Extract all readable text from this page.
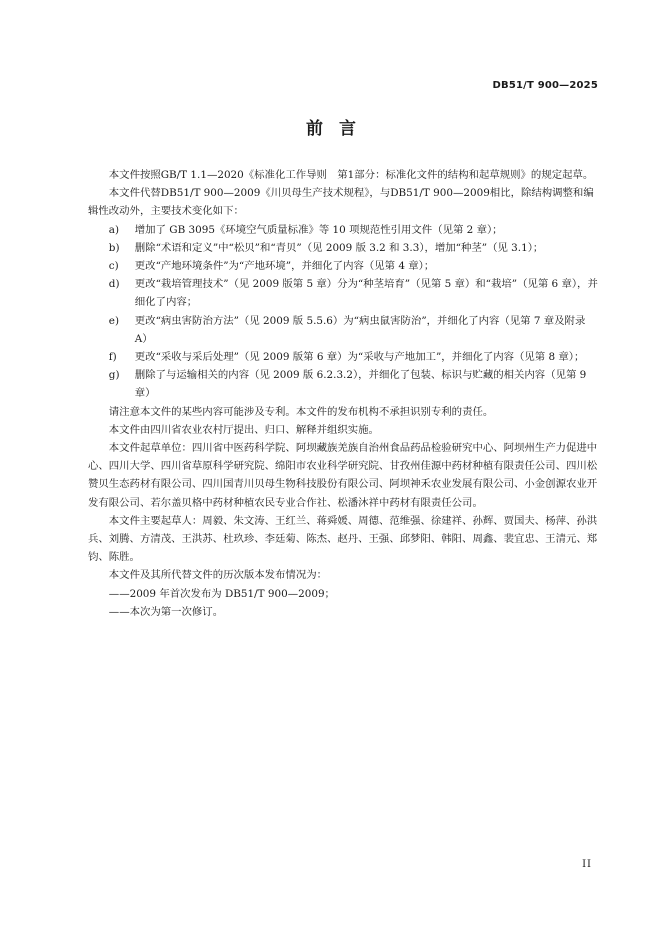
DB51/T 900—2025
前言

本文件按照GB/T 1.1—2020《标准化工作导则　第1部分：标准化文件的结构和起草规则》的规定起草。

本文件代替DB51/T 900—2009《川贝母生产技术规程》，与DB51/T 900—2009相比，除结构调整和编辑性改动外，主要技术变化如下：

a)	增加了 GB 3095《环境空气质量标准》等 10 项规范性引用文件（见第 2 章）；
b)	删除“术语和定义”中“松贝”和“青贝”（见 2009 版 3.2 和 3.3），增加“种茎”（见 3.1）；
c)	更改“产地环境条件”为“产地环境”，并细化了内容（见第 4 章）；
d)	更改“栽培管理技术”（见 2009 版第 5 章）分为“种茎培育”（见第 5 章）和“栽培”（见第 6 章），并细化了内容；
e)	更改“病虫害防治方法”（见 2009 版 5.5.6）为“病虫鼠害防治”，并细化了内容（见第 7 章及附录 A）
f)	更改“采收与采后处理”（见 2009 版第 6 章）为“采收与产地加工”，并细化了内容（见第 8 章）；
g)	删除了与运输相关的内容（见 2009 版 6.2.3.2），并细化了包装、标识与贮藏的相关内容（见第 9 章）

请注意本文件的某些内容可能涉及专利。本文件的发布机构不承担识别专利的责任。

本文件由四川省农业农村厅提出、归口、解释并组织实施。

本文件起草单位：四川省中医药科学院、阿坝藏族羌族自治州食品药品检验研究中心、阿坝州生产力促进中心、四川大学、四川省草原科学研究院、绵阳市农业科学研究院、甘孜州佳源中药材种植有限责任公司、四川松赞贝生态药材有限公司、四川国青川贝母生物科技股份有限公司、阿坝神禾农业发展有限公司、小金创源农业开发有限公司、若尔盖贝格中药材种植农民专业合作社、松潘沐祥中药材有限责任公司。

本文件主要起草人：周毅、朱文涛、王红兰、蒋舜媛、周德、范维强、徐建祥、孙辉、贾国夫、杨萍、孙洪兵、刘腾、方清茂、王洪苏、杜玖珍、李廷菊、陈杰、赵丹、王强、邱梦阳、韩阳、周鑫、裴宜忠、王清元、郑钧、陈胜。

本文件及其所代替文件的历次版本发布情况为：

——2009 年首次发布为 DB51/T 900—2009；

——本次为第一次修订。

II
